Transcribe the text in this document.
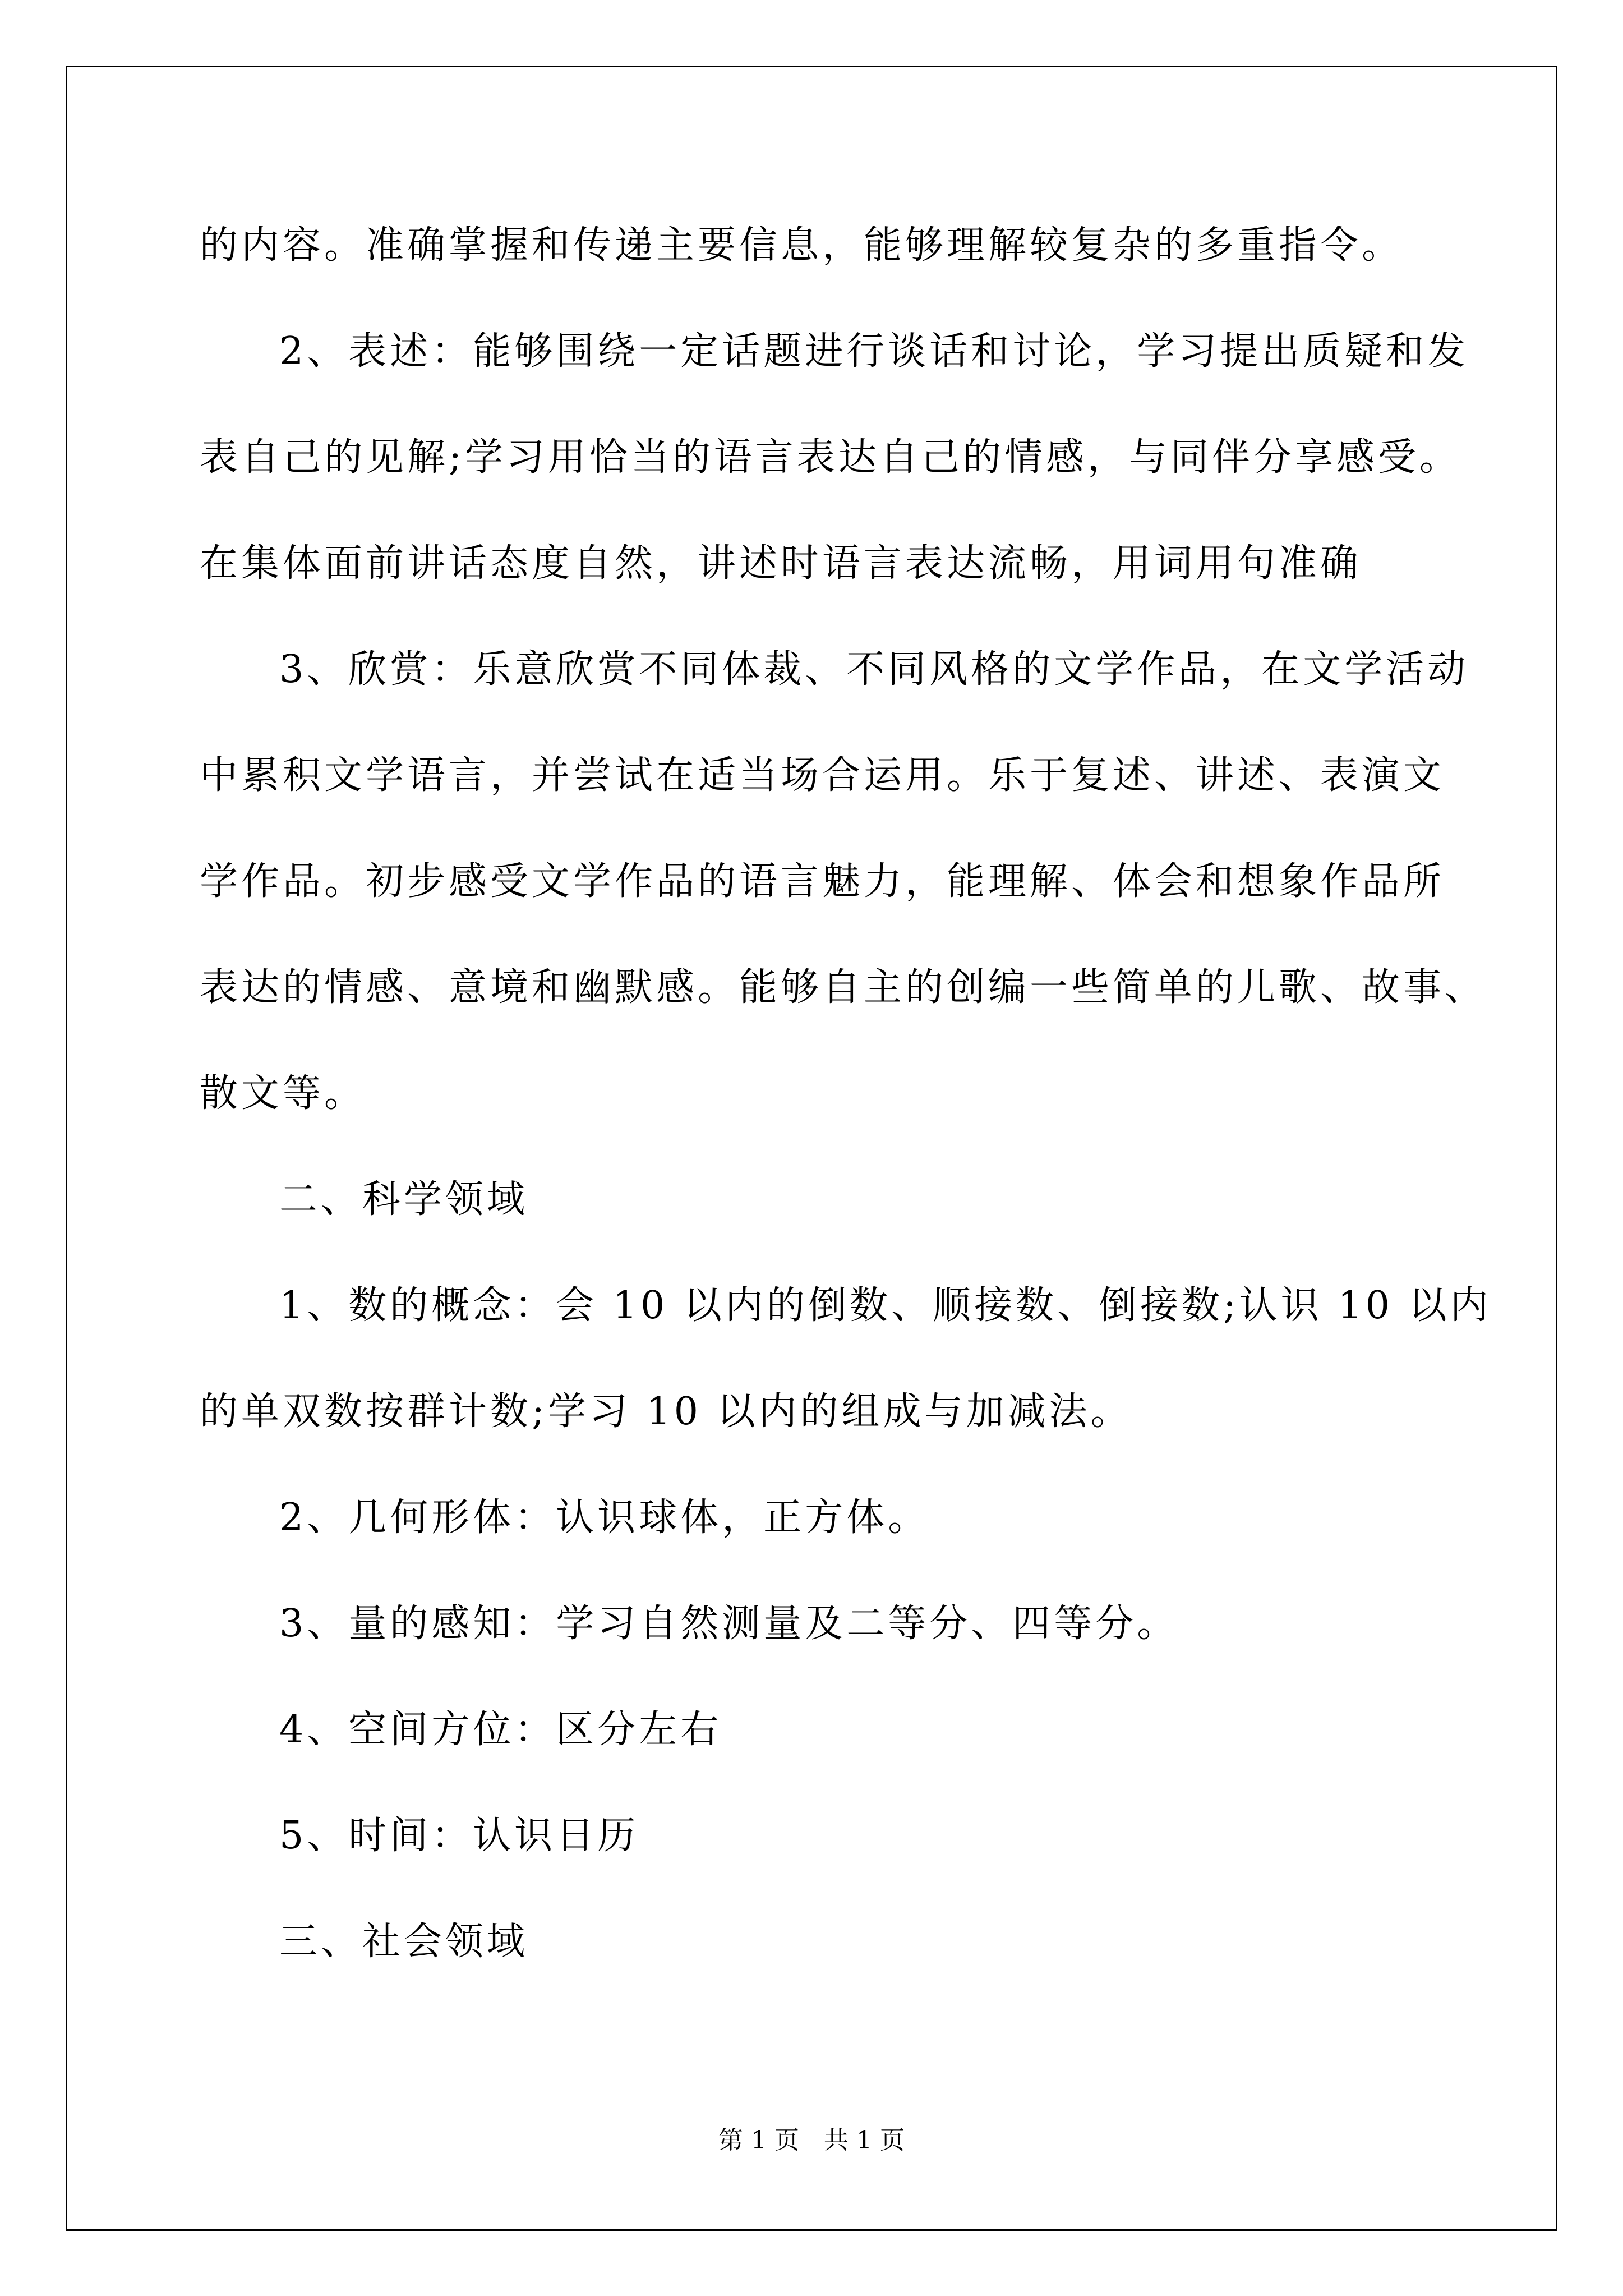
的内容。准确掌握和传递主要信息，能够理解较复杂的多重指令。
2、表述：能够围绕一定话题进行谈话和讨论，学习提出质疑和发
表自己的见解;学习用恰当的语言表达自己的情感，与同伴分享感受。
在集体面前讲话态度自然，讲述时语言表达流畅，用词用句准确
3、欣赏：乐意欣赏不同体裁、不同风格的文学作品，在文学活动
中累积文学语言，并尝试在适当场合运用。乐于复述、讲述、表演文
学作品。初步感受文学作品的语言魅力，能理解、体会和想象作品所
表达的情感、意境和幽默感。能够自主的创编一些简单的儿歌、故事、
散文等。
二、科学领域
1、数的概念：会 10 以内的倒数、顺接数、倒接数;认识 10 以内
的单双数按群计数;学习 10 以内的组成与加减法。
2、几何形体：认识球体，正方体。
3、量的感知：学习自然测量及二等分、四等分。
4、空间方位：区分左右
5、时间：认识日历
三、社会领域
第 1 页　共 1 页
